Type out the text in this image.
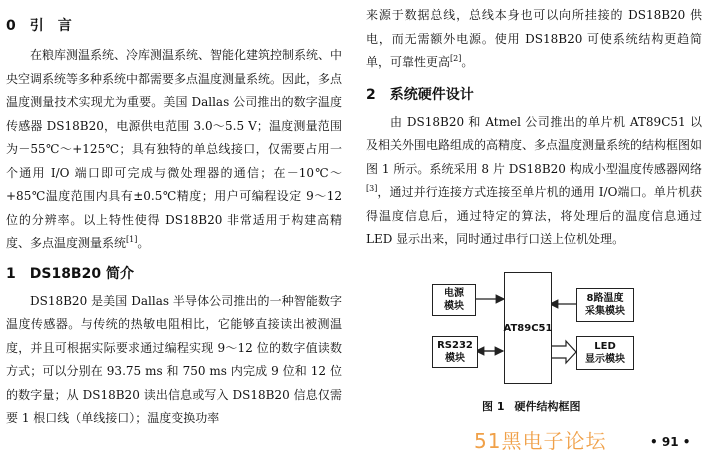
0 引　言

在粮库测温系统、冷库测温系统、智能化建筑控制系统、中央空调系统等多种系统中都需要多点温度测量系统。因此，多点温度测量技术实现尤为重要。美国 Dallas 公司推出的数字温度传感器 DS18B20，电源供电范围 3.0～5.5 V；温度测量范围为－55℃～+125℃；具有独特的单总线接口，仅需要占用一个通用 I/O 端口即可完成与微处理器的通信；在－10℃～+85℃温度范围内具有±0.5℃精度；用户可编程设定 9～12 位的分辨率。以上特性使得 DS18B20 非常适用于构建高精度、多点温度测量系统[1]。

1 DS18B20 简介

DS18B20 是美国 Dallas 半导体公司推出的一种智能数字温度传感器。与传统的热敏电阻相比，它能够直接读出被测温度，并且可根据实际要求通过编程实现 9～12 位的数字值读数方式；可以分别在 93.75 ms 和 750 ms 内完成 9 位和 12 位的数字量；从 DS18B20 读出信息或写入 DS18B20 信息仅需要 1 根口线（单线接口）；温度变换功率

来源于数据总线，总线本身也可以向所挂接的 DS18B20 供电，而无需额外电源。使用 DS18B20 可使系统结构更趋简单，可靠性更高[2]。

2 系统硬件设计

由 DS18B20 和 Atmel 公司推出的单片机 AT89C51 以及相关外围电路组成的高精度、多点温度测量系统的结构框图如图 1 所示。系统采用 8 片 DS18B20 构成小型温度传感器网络[3]，通过并行连接方式连接至单片机的通用 I/O端口。单片机获得温度信息后，通过特定的算法，将处理后的温度信息通过 LED 显示出来，同时通过串行口送上位机处理。

电源
模块
AT89C51
8路温度
采集模块
RS232
模块
LED
显示模块
图 1 硬件结构框图
51黑电子论坛	• 91 •
